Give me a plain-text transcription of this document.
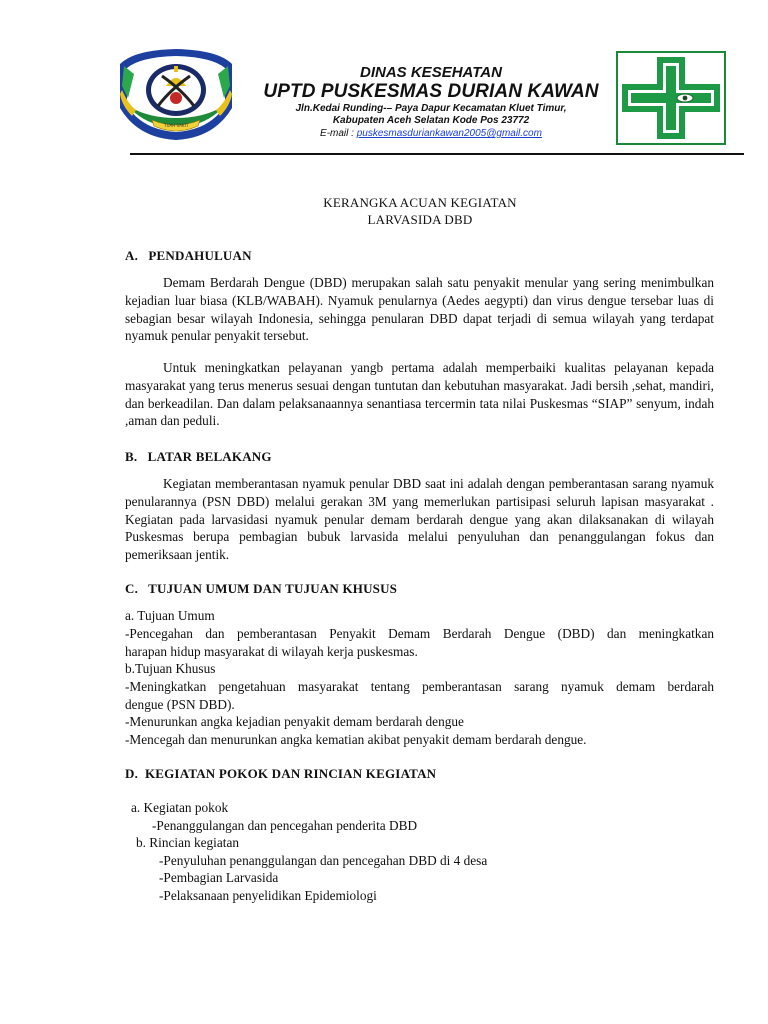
TUAH SAKTI
DINAS KESEHATAN
UPTD PUSKESMAS DURIAN KAWAN
Jln.Kedai Runding-– Paya Dapur Kecamatan Kluet Timur,
Kabupaten Aceh Selatan Kode Pos 23772
E-mail : puskesmasduriankawan2005@gmail.com
KERANGKA ACUAN KEGIATAN
LARVASIDA DBD
A.   PENDAHULUAN
Demam Berdarah Dengue (DBD) merupakan salah satu penyakit menular yang sering menimbulkan kejadian luar biasa (KLB/WABAH). Nyamuk penularnya (Aedes aegypti) dan virus dengue tersebar luas di sebagian besar wilayah Indonesia, sehingga penularan DBD dapat terjadi di semua wilayah yang terdapat nyamuk penular penyakit tersebut.
Untuk meningkatkan pelayanan yangb pertama adalah memperbaiki kualitas pelayanan kepada masyarakat yang terus menerus sesuai dengan tuntutan dan kebutuhan masyarakat. Jadi bersih ,sehat, mandiri, dan berkeadilan. Dan dalam pelaksanaannya senantiasa tercermin tata nilai Puskesmas “SIAP” senyum, indah ,aman dan peduli.
B.   LATAR BELAKANG
Kegiatan memberantasan nyamuk penular DBD saat ini adalah dengan pemberantasan sarang nyamuk penularannya (PSN DBD) melalui gerakan 3M yang memerlukan partisipasi seluruh lapisan masyarakat . Kegiatan pada larvasidasi nyamuk penular demam berdarah dengue yang akan dilaksanakan di wilayah Puskesmas berupa pembagian bubuk larvasida melalui penyuluhan dan penanggulangan fokus dan pemeriksaan jentik.
C.   TUJUAN UMUM DAN TUJUAN KHUSUS
a. Tujuan Umum
-Pencegahan dan pemberantasan Penyakit Demam Berdarah Dengue (DBD) dan meningkatkan
harapan hidup masyarakat di wilayah kerja puskesmas.
b.Tujuan Khusus
-Meningkatkan pengetahuan masyarakat tentang pemberantasan sarang nyamuk demam berdarah
dengue (PSN DBD).
-Menurunkan angka kejadian penyakit demam berdarah dengue
-Mencegah dan menurunkan angka kematian akibat penyakit demam berdarah dengue.
D.  KEGIATAN POKOK DAN RINCIAN KEGIATAN
a. Kegiatan pokok
-Penanggulangan dan pencegahan penderita DBD
b. Rincian kegiatan
-Penyuluhan penanggulangan dan pencegahan DBD di 4 desa
-Pembagian Larvasida
-Pelaksanaan penyelidikan Epidemiologi
